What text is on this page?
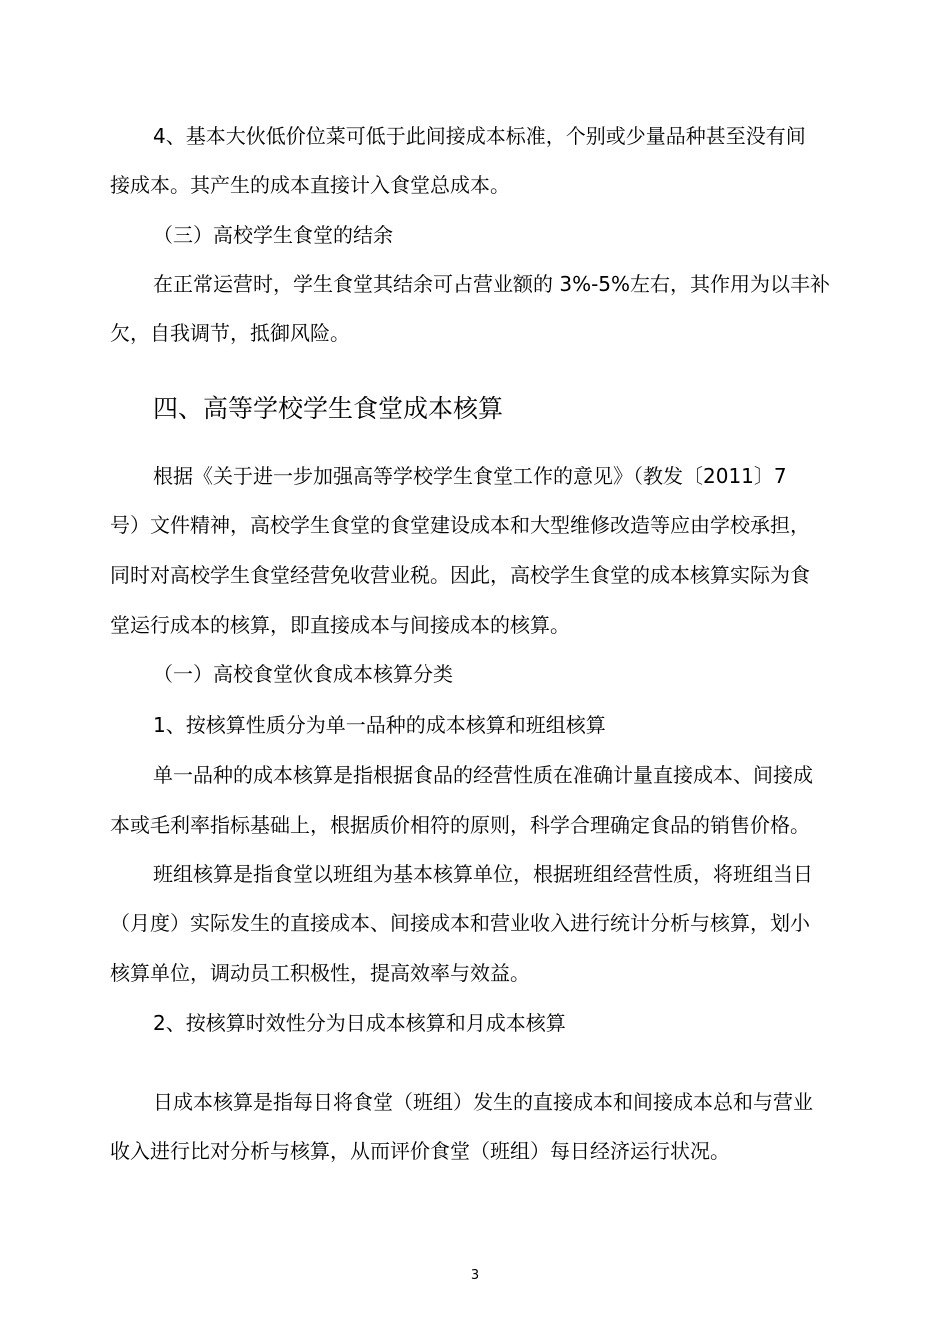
4、基本大伙低价位菜可低于此间接成本标准，个别或少量品种甚至没有间
接成本。其产生的成本直接计入食堂总成本。
（三）高校学生食堂的结余
在正常运营时，学生食堂其结余可占营业额的 3%-5%左右，其作用为以丰补
欠，自我调节，抵御风险。
四、高等学校学生食堂成本核算
根据《关于进一步加强高等学校学生食堂工作的意见》（教发〔2011〕7
号）文件精神，高校学生食堂的食堂建设成本和大型维修改造等应由学校承担，
同时对高校学生食堂经营免收营业税。因此，高校学生食堂的成本核算实际为食
堂运行成本的核算，即直接成本与间接成本的核算。
（一）高校食堂伙食成本核算分类
1、按核算性质分为单一品种的成本核算和班组核算
单一品种的成本核算是指根据食品的经营性质在准确计量直接成本、间接成
本或毛利率指标基础上，根据质价相符的原则，科学合理确定食品的销售价格。
班组核算是指食堂以班组为基本核算单位，根据班组经营性质，将班组当日
（月度）实际发生的直接成本、间接成本和营业收入进行统计分析与核算，划小
核算单位，调动员工积极性，提高效率与效益。
2、按核算时效性分为日成本核算和月成本核算
日成本核算是指每日将食堂（班组）发生的直接成本和间接成本总和与营业
收入进行比对分析与核算，从而评价食堂（班组）每日经济运行状况。
3
